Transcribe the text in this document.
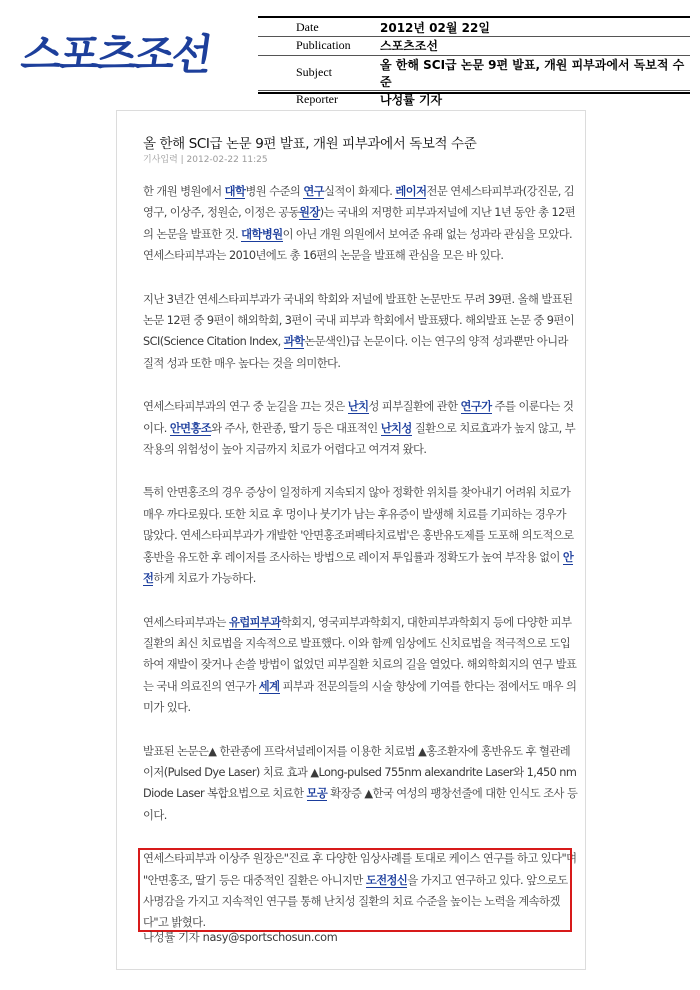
스포츠조선
Date	2012년 02월 22일
Publication	스포츠조선
Subject	올 한해 SCI급 논문 9편 발표, 개원 피부과에서 독보적 수준
Reporter	나성률 기자
올 한해 SCI급 논문 9편 발표, 개원 피부과에서 독보적 수준
기사입력 | 2012-02-22 11:25
한 개원 병원에서 대학병원 수준의 연구실적이 화제다. 레이저전문 연세스타피부과(강진문, 김영구, 이상주, 정원순, 이정은 공동원장)는 국내외 저명한 피부과저널에 지난 1년 동안 총 12편의 논문을 발표한 것. 대학병원이 아닌 개원 의원에서 보여준 유래 없는 성과라 관심을 모았다. 연세스타피부과는 2010년에도 총 16편의 논문을 발표해 관심을 모은 바 있다.
지난 3년간 연세스타피부과가 국내외 학회와 저널에 발표한 논문만도 무려 39편. 올해 발표된 논문 12편 중 9편이 해외학회, 3편이 국내 피부과 학회에서 발표됐다. 해외발표 논문 중 9편이 SCI(Science Citation Index, 과학논문색인)급 논문이다. 이는 연구의 양적 성과뿐만 아니라 질적 성과 또한 매우 높다는 것을 의미한다.
연세스타피부과의 연구 중 눈길을 끄는 것은 난치성 피부질환에 관한 연구가 주를 이룬다는 것이다. 안면홍조와 주사, 한관종, 딸기 등은 대표적인 난치성 질환으로 치료효과가 높지 않고, 부작용의 위험성이 높아 지금까지 치료가 어렵다고 여겨져 왔다.
특히 안면홍조의 경우 증상이 일정하게 지속되지 않아 정확한 위치를 찾아내기 어려워 치료가 매우 까다로웠다. 또한 치료 후 멍이나 붓기가 남는 후유증이 발생해 치료를 기피하는 경우가 많았다. 연세스타피부과가 개발한 '안면홍조퍼펙타치료법'은 홍반유도제를 도포해 의도적으로 홍반을 유도한 후 레이저를 조사하는 방법으로 레이저 투입률과 정확도가 높여 부작용 없이 안전하게 치료가 가능하다.
연세스타피부과는 유럽피부과학회지, 영국피부과학회지, 대한피부과학회지 등에 다양한 피부질환의 최신 치료법을 지속적으로 발표했다. 이와 함께 임상에도 신치료법을 적극적으로 도입하여 재발이 잦거나 손쓸 방법이 없었던 피부질환 치료의 길을 열었다. 해외학회지의 연구 발표는 국내 의료진의 연구가 세계 피부과 전문의들의 시술 향상에 기여를 한다는 점에서도 매우 의미가 있다.
발표된 논문은▲ 한관종에 프락셔널레이저를 이용한 치료법 ▲홍조환자에 홍반유도 후 혈관레이저(Pulsed Dye Laser) 치료 효과 ▲Long-pulsed 755nm alexandrite Laser와 1,450 nm Diode Laser 복합요법으로 치료한 모공 확장증 ▲한국 여성의 팽창선줄에 대한 인식도 조사 등이다.
연세스타피부과 이상주 원장은"진료 후 다양한 임상사례를 토대로 케이스 연구를 하고 있다"며 "안면홍조, 딸기 등은 대중적인 질환은 아니지만 도전정신을 가지고 연구하고 있다. 앞으로도 사명감을 가지고 지속적인 연구를 통해 난치성 질환의 치료 수준을 높이는 노력을 계속하겠다"고 밝혔다.
나성률 기자 nasy@sportschosun.com
